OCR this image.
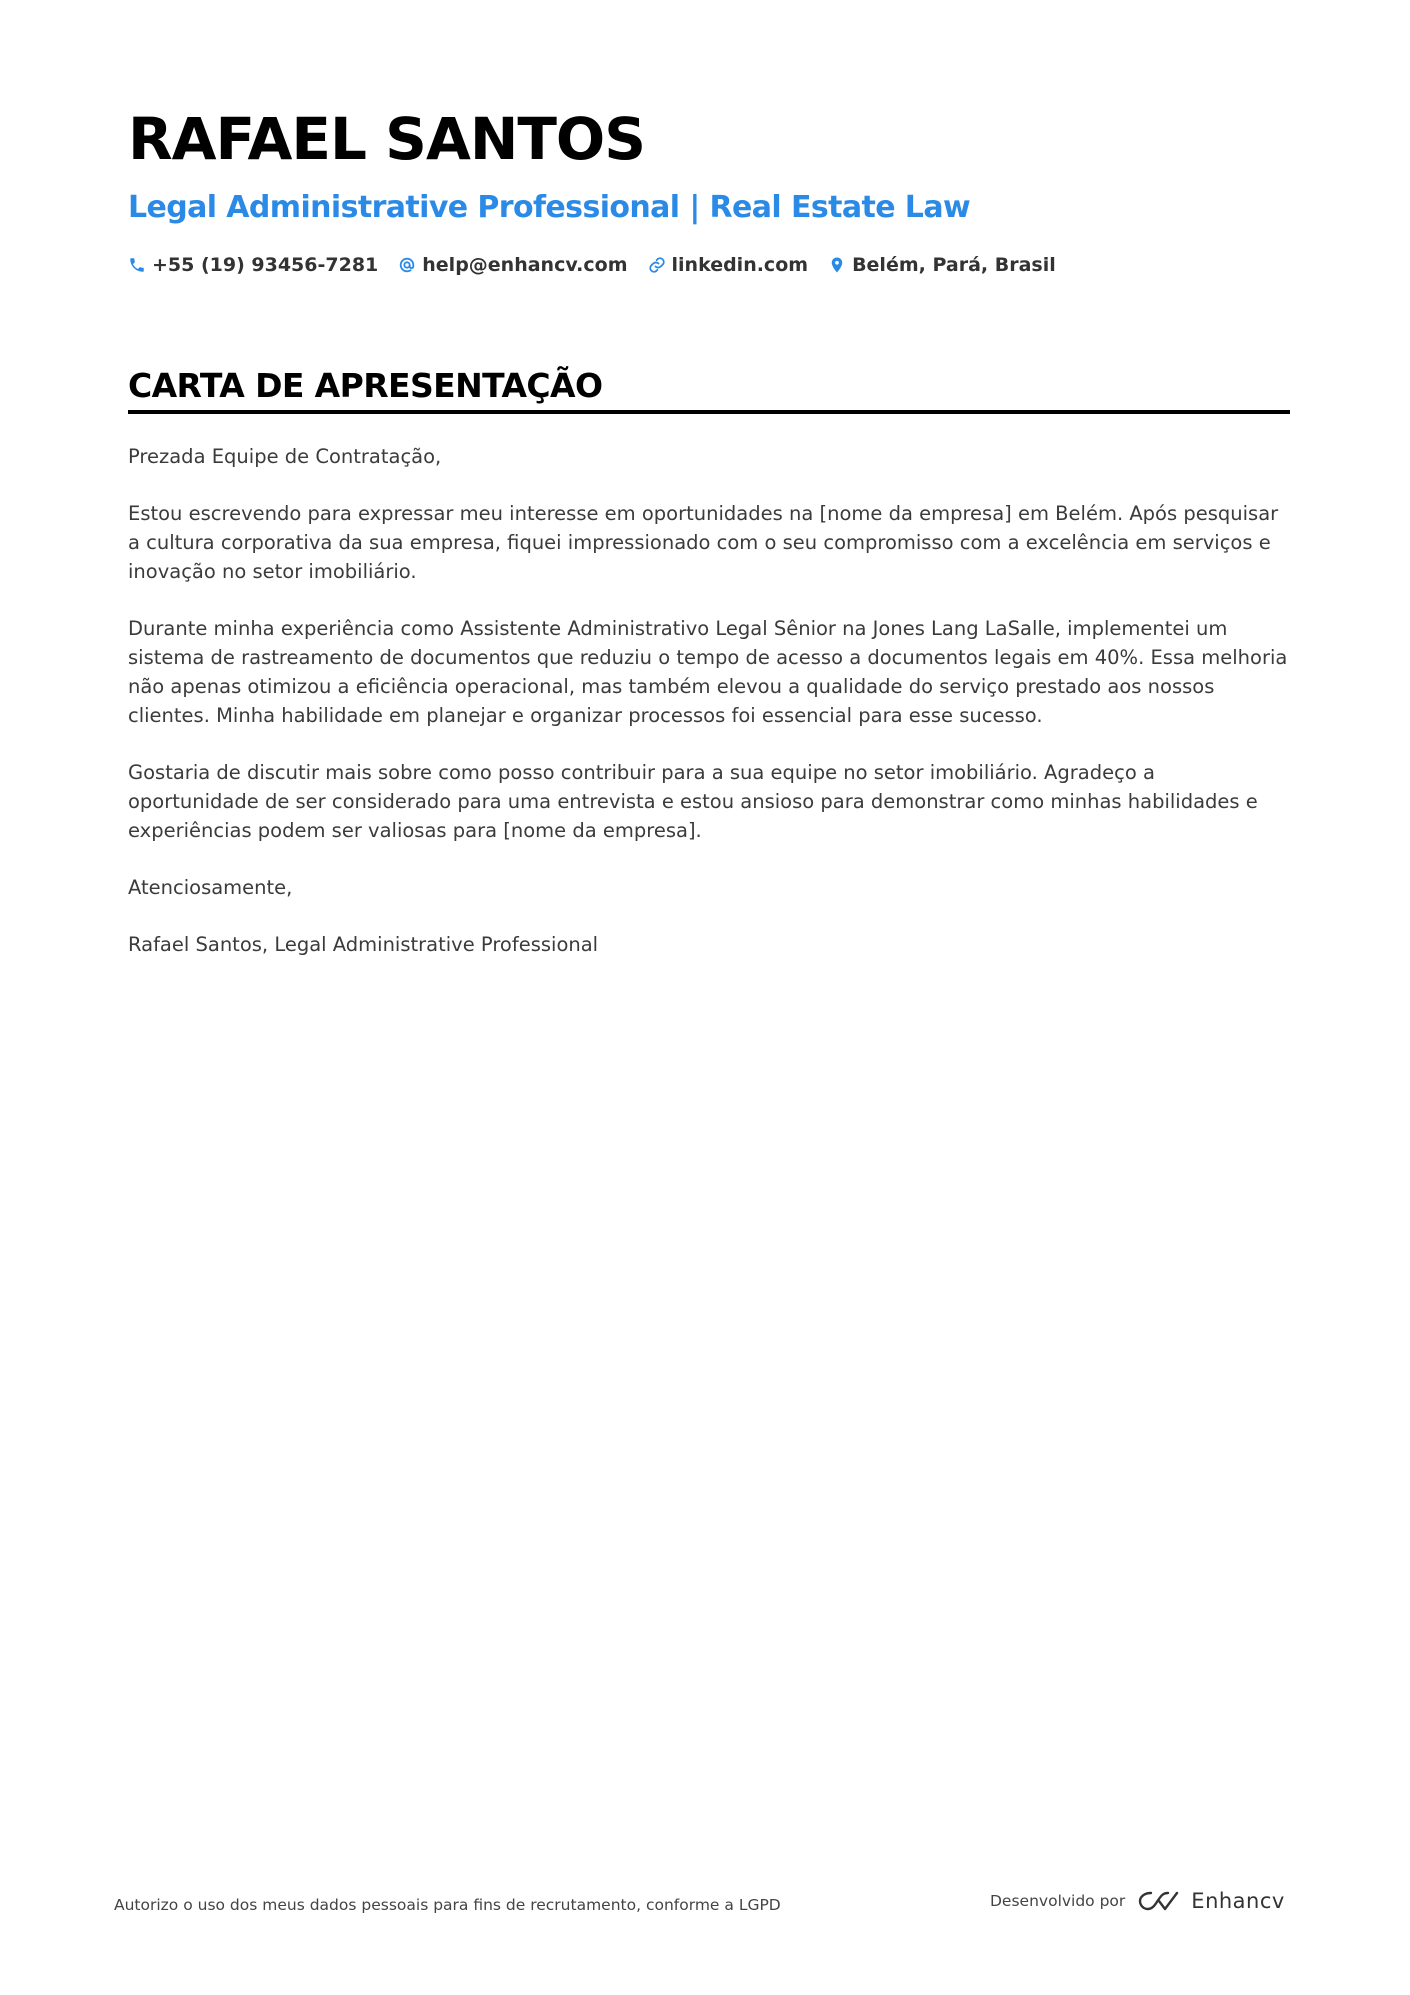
RAFAEL SANTOS
Legal Administrative Professional | Real Estate Law
+55 (19) 93456-7281 help@enhancv.com linkedin.com Belém, Pará, Brasil
CARTA DE APRESENTAÇÃO

Prezada Equipe de Contratação,

Estou escrevendo para expressar meu interesse em oportunidades na [nome da empresa] em Belém. Após pesquisar a cultura corporativa da sua empresa, fiquei impressionado com o seu compromisso com a excelência em serviços e inovação no setor imobiliário.

Durante minha experiência como Assistente Administrativo Legal Sênior na Jones Lang LaSalle, implementei um sistema de rastreamento de documentos que reduziu o tempo de acesso a documentos legais em 40%. Essa melhoria não apenas otimizou a eficiência operacional, mas também elevou a qualidade do serviço prestado aos nossos clientes. Minha habilidade em planejar e organizar processos foi essencial para esse sucesso.

Gostaria de discutir mais sobre como posso contribuir para a sua equipe no setor imobiliário. Agradeço a oportunidade de ser considerado para uma entrevista e estou ansioso para demonstrar como minhas habilidades e experiências podem ser valiosas para [nome da empresa].

Atenciosamente,

Rafael Santos, Legal Administrative Professional

Autorizo o uso dos meus dados pessoais para fins de recrutamento, conforme a LGPD	Desenvolvido por	Enhancv
